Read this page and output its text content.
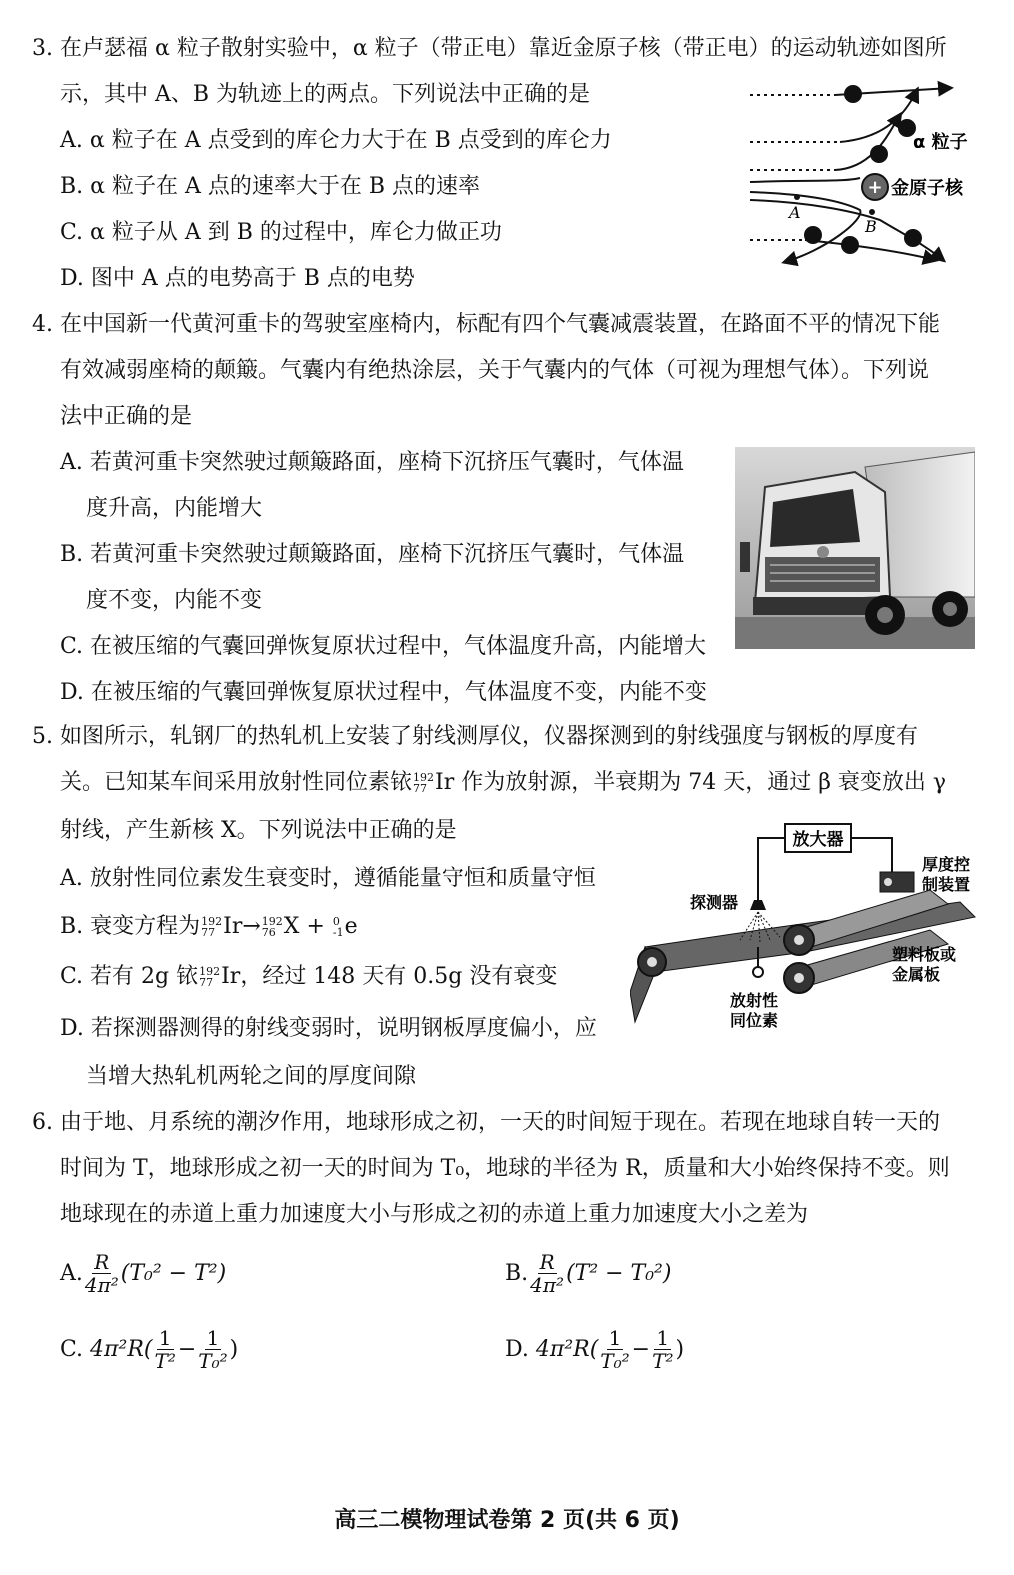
3. 在卢瑟福 α 粒子散射实验中，α 粒子（带正电）靠近金原子核（带正电）的运动轨迹如图所
示，其中 A、B 为轨迹上的两点。下列说法中正确的是
A. α 粒子在 A 点受到的库仑力大于在 B 点受到的库仑力
B. α 粒子在 A 点的速率大于在 B 点的速率
C. α 粒子从 A 到 B 的过程中，库仑力做正功
D. 图中 A 点的电势高于 B 点的电势
+
A
B
α 粒子
金原子核
4. 在中国新一代黄河重卡的驾驶室座椅内，标配有四个气囊减震装置，在路面不平的情况下能
有效减弱座椅的颠簸。气囊内有绝热涂层，关于气囊内的气体（可视为理想气体）。下列说
法中正确的是
A. 若黄河重卡突然驶过颠簸路面，座椅下沉挤压气囊时，气体温
度升高，内能增大
B. 若黄河重卡突然驶过颠簸路面，座椅下沉挤压气囊时，气体温
度不变，内能不变
C. 在被压缩的气囊回弹恢复原状过程中，气体温度升高，内能增大
D. 在被压缩的气囊回弹恢复原状过程中，气体温度不变，内能不变
5. 如图所示，轧钢厂的热轧机上安装了射线测厚仪，仪器探测到的射线强度与钢板的厚度有
关。已知某车间采用放射性同位素铱 192
77 Ir 作为放射源，半衰期为 74 天，通过 β 衰变放出 γ
射线，产生新核 X。下列说法中正确的是
A. 放射性同位素发生衰变时，遵循能量守恒和质量守恒
B. 衰变方程为 192
77 Ir→ 192
76 X + 0
-1 e
C. 若有 2g 铱 192
77 Ir，经过 148 天有 0.5g 没有衰变
D. 若探测器测得的射线变弱时，说明钢板厚度偏小，应
当增大热轧机两轮之间的厚度间隙
放大器
厚度控
制装置
探测器
放射性
同位素
塑料板或
金属板
6. 由于地、月系统的潮汐作用，地球形成之初，一天的时间短于现在。若现在地球自转一天的
时间为 T，地球形成之初一天的时间为 T₀，地球的半径为 R，质量和大小始终保持不变。则
地球现在的赤道上重力加速度大小与形成之初的赤道上重力加速度大小之差为
A. $\frac{R}{\text{4π²}} (T_0^2 - T^2)$	B. $\frac{R}{\text{4π²}} (T^2 - T_0^2)$
C.
$4\pi^2R( \frac{1}{\text{T²}} - \frac{1}{\text{T₀²}}$ )	D.
$4\pi^2R( \frac{1}{\text{T₀²}} - \frac{1}{\text{T²}}$ )
高三二模物理试卷第 2 页(共 6 页)
